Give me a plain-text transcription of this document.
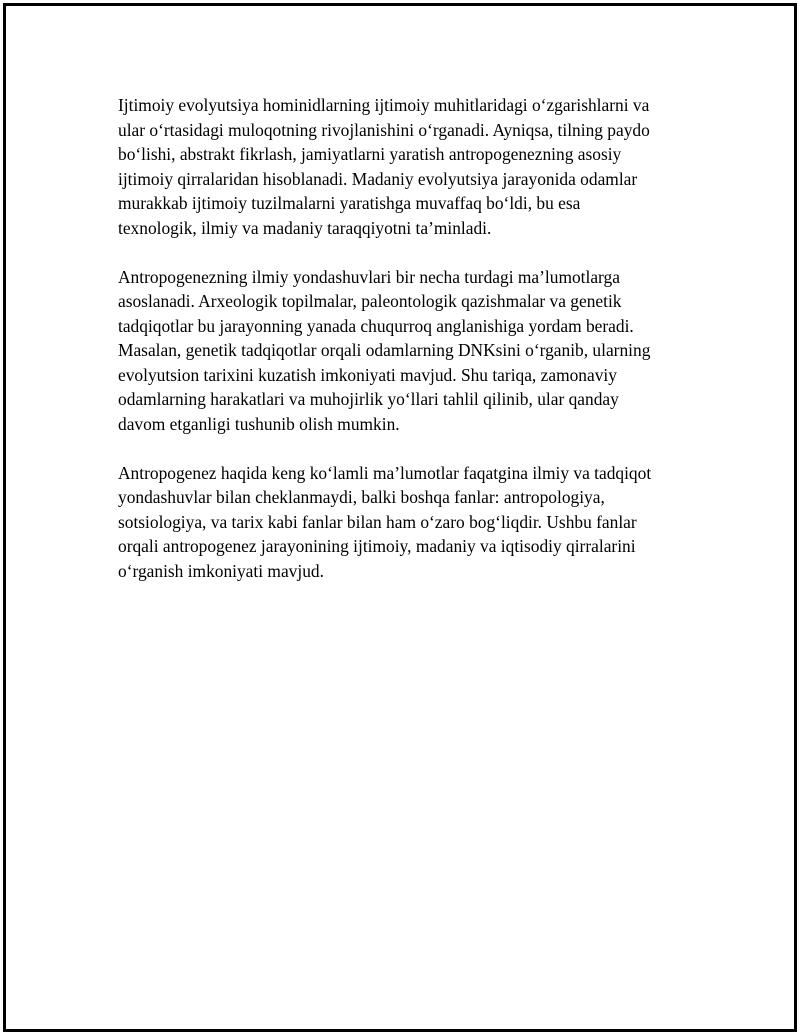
Ijtimoiy evolyutsiya hominidlarning ijtimoiy muhitlaridagi o‘zgarishlarni va
ular o‘rtasidagi muloqotning rivojlanishini o‘rganadi. Ayniqsa, tilning paydo
bo‘lishi, abstrakt fikrlash, jamiyatlarni yaratish antropogenezning asosiy
ijtimoiy qirralaridan hisoblanadi. Madaniy evolyutsiya jarayonida odamlar
murakkab ijtimoiy tuzilmalarni yaratishga muvaffaq bo‘ldi, bu esa
texnologik, ilmiy va madaniy taraqqiyotni ta’minladi.

Antropogenezning ilmiy yondashuvlari bir necha turdagi ma’lumotlarga
asoslanadi. Arxeologik topilmalar, paleontologik qazishmalar va genetik
tadqiqotlar bu jarayonning yanada chuqurroq anglanishiga yordam beradi.
Masalan, genetik tadqiqotlar orqali odamlarning DNKsini o‘rganib, ularning
evolyutsion tarixini kuzatish imkoniyati mavjud. Shu tariqa, zamonaviy
odamlarning harakatlari va muhojirlik yo‘llari tahlil qilinib, ular qanday
davom etganligi tushunib olish mumkin.

Antropogenez haqida keng ko‘lamli ma’lumotlar faqatgina ilmiy va tadqiqot
yondashuvlar bilan cheklanmaydi, balki boshqa fanlar: antropologiya,
sotsiologiya, va tarix kabi fanlar bilan ham o‘zaro bog‘liqdir. Ushbu fanlar
orqali antropogenez jarayonining ijtimoiy, madaniy va iqtisodiy qirralarini
o‘rganish imkoniyati mavjud.
